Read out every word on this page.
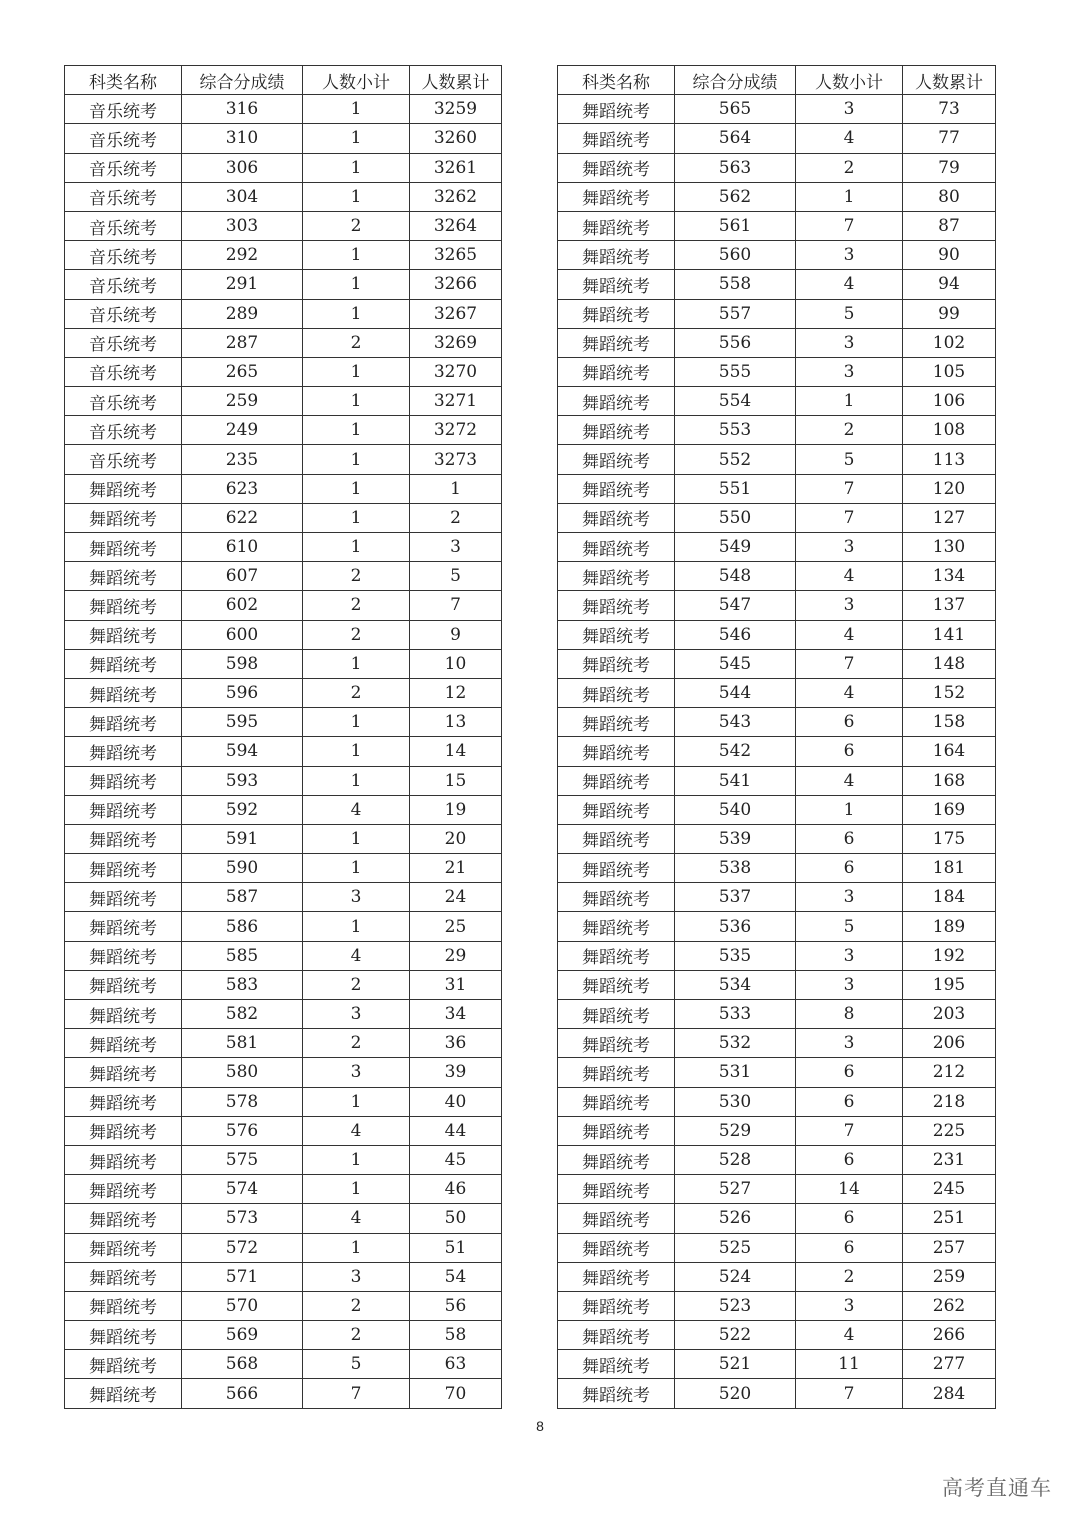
科类名称	综合分成绩	人数小计	人数累计
音乐统考	316	1	3259
音乐统考	310	1	3260
音乐统考	306	1	3261
音乐统考	304	1	3262
音乐统考	303	2	3264
音乐统考	292	1	3265
音乐统考	291	1	3266
音乐统考	289	1	3267
音乐统考	287	2	3269
音乐统考	265	1	3270
音乐统考	259	1	3271
音乐统考	249	1	3272
音乐统考	235	1	3273
舞蹈统考	623	1	1
舞蹈统考	622	1	2
舞蹈统考	610	1	3
舞蹈统考	607	2	5
舞蹈统考	602	2	7
舞蹈统考	600	2	9
舞蹈统考	598	1	10
舞蹈统考	596	2	12
舞蹈统考	595	1	13
舞蹈统考	594	1	14
舞蹈统考	593	1	15
舞蹈统考	592	4	19
舞蹈统考	591	1	20
舞蹈统考	590	1	21
舞蹈统考	587	3	24
舞蹈统考	586	1	25
舞蹈统考	585	4	29
舞蹈统考	583	2	31
舞蹈统考	582	3	34
舞蹈统考	581	2	36
舞蹈统考	580	3	39
舞蹈统考	578	1	40
舞蹈统考	576	4	44
舞蹈统考	575	1	45
舞蹈统考	574	1	46
舞蹈统考	573	4	50
舞蹈统考	572	1	51
舞蹈统考	571	3	54
舞蹈统考	570	2	56
舞蹈统考	569	2	58
舞蹈统考	568	5	63
舞蹈统考	566	7	70
科类名称	综合分成绩	人数小计	人数累计
舞蹈统考	565	3	73
舞蹈统考	564	4	77
舞蹈统考	563	2	79
舞蹈统考	562	1	80
舞蹈统考	561	7	87
舞蹈统考	560	3	90
舞蹈统考	558	4	94
舞蹈统考	557	5	99
舞蹈统考	556	3	102
舞蹈统考	555	3	105
舞蹈统考	554	1	106
舞蹈统考	553	2	108
舞蹈统考	552	5	113
舞蹈统考	551	7	120
舞蹈统考	550	7	127
舞蹈统考	549	3	130
舞蹈统考	548	4	134
舞蹈统考	547	3	137
舞蹈统考	546	4	141
舞蹈统考	545	7	148
舞蹈统考	544	4	152
舞蹈统考	543	6	158
舞蹈统考	542	6	164
舞蹈统考	541	4	168
舞蹈统考	540	1	169
舞蹈统考	539	6	175
舞蹈统考	538	6	181
舞蹈统考	537	3	184
舞蹈统考	536	5	189
舞蹈统考	535	3	192
舞蹈统考	534	3	195
舞蹈统考	533	8	203
舞蹈统考	532	3	206
舞蹈统考	531	6	212
舞蹈统考	530	6	218
舞蹈统考	529	7	225
舞蹈统考	528	6	231
舞蹈统考	527	14	245
舞蹈统考	526	6	251
舞蹈统考	525	6	257
舞蹈统考	524	2	259
舞蹈统考	523	3	262
舞蹈统考	522	4	266
舞蹈统考	521	11	277
舞蹈统考	520	7	284
8
高考直通车
